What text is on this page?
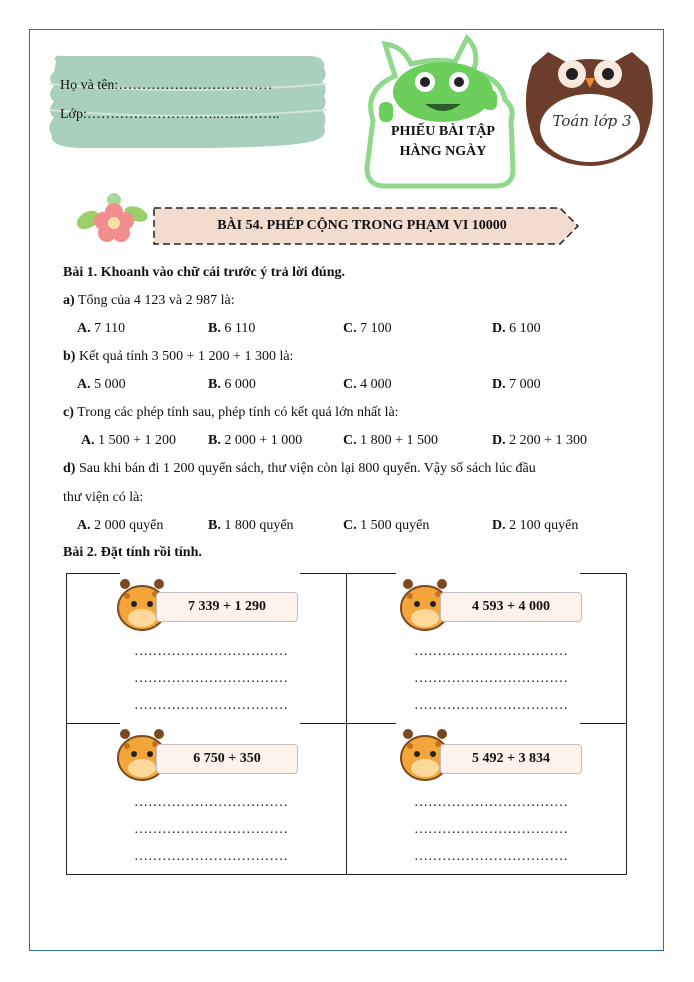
Họ và tên:……………………………
Lớp:………………………..…...……..
PHIẾU BÀI TẬP
HÀNG NGÀY
Toán lớp 3
BÀI 54. PHÉP CỘNG TRONG PHẠM VI 10000
Bài 1. Khoanh vào chữ cái trước ý trả lời đúng.
a) Tổng của 4 123 và 2 987 là:
A. 7 110	B. 6 110	C. 7 100	D. 6 100
b) Kết quả tính 3 500 + 1 200 + 1 300 là:
A. 5 000	B. 6 000	C. 4 000	D. 7 000
c) Trong các phép tính sau, phép tính có kết quả lớn nhất là:
A. 1 500 + 1 200 B. 2 000 + 1 000	C. 1 800 + 1 500	D. 2 200 + 1 300
d) Sau khi bán đi 1 200 quyển sách, thư viện còn lại 800 quyển. Vậy số sách lúc đầu
thư viện có là:
A. 2 000 quyển	B. 1 800 quyển	C. 1 500 quyển	D. 2 100 quyển
Bài 2. Đặt tính rồi tính.
7 339 + 1 290
……………………………
……………………………
……………………………
4 593 + 4 000
……………………………
……………………………
……………………………
6 750 + 350
……………………………
……………………………
……………………………
5 492 + 3 834
……………………………
……………………………
……………………………
